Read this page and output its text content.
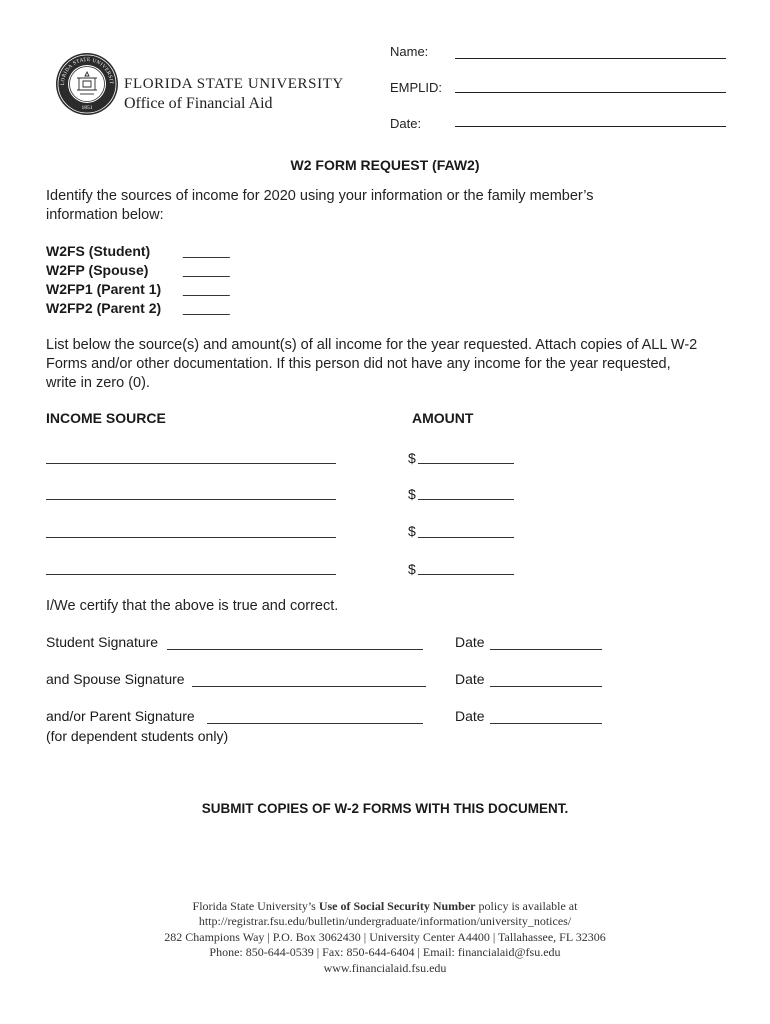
LORIDA STATE UNIVERSIT
1851
FLORIDA STATE UNIVERSITY
Office of Financial Aid
Name:
EMPLID:
Date:
W2 FORM REQUEST (FAW2)
Identify the sources of income for 2020 using your information or the family member’s
information below:
W2FS (Student) ______
W2FP (Spouse) ______
W2FP1 (Parent 1) ______
W2FP2 (Parent 2) ______
List below the source(s) and amount(s) of all income for the year requested. Attach copies of ALL W-2
Forms and/or other documentation. If this person did not have any income for the year requested,
write in zero (0).
INCOME SOURCE	AMOUNT
$
$
$
$
I/We certify that the above is true and correct.
Student Signature	Date
and Spouse Signature	Date
and/or Parent Signature	Date
(for dependent students only)
SUBMIT COPIES OF W-2 FORMS WITH THIS DOCUMENT.
Florida State University’s Use of Social Security Number policy is available at
http://registrar.fsu.edu/bulletin/undergraduate/information/university_notices/
282 Champions Way | P.O. Box 3062430 | University Center A4400 | Tallahassee, FL 32306
Phone: 850-644-0539 | Fax: 850-644-6404 | Email: financialaid@fsu.edu
www.financialaid.fsu.edu
